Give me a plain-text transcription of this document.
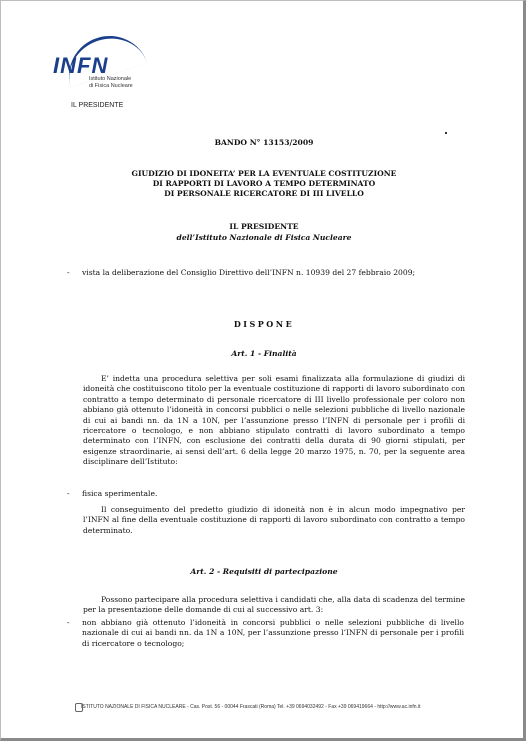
INFN
Istituto Nazionale
di Fisica Nucleare
IL PRESIDENTE
BANDO N° 13153/2009
GIUDIZIO DI IDONEITA’ PER LA EVENTUALE COSTITUZIONE
DI RAPPORTI DI LAVORO A TEMPO DETERMINATO
DI PERSONALE RICERCATORE DI III LIVELLO
IL PRESIDENTE
dell’Istituto Nazionale di Fisica Nucleare
- vista la deliberazione del Consiglio Direttivo dell’INFN n. 10939 del 27 febbraio 2009;
DISPONE
Art. 1 - Finalità
E’ indetta una procedura selettiva per soli esami finalizzata alla formulazione di giudizi di idoneità che costituiscono titolo per la eventuale costituzione di rapporti di lavoro subordinato con contratto a tempo determinato di personale ricercatore di III livello professionale per coloro non abbiano già ottenuto l’idoneità in concorsi pubblici o nelle selezioni pubbliche di livello nazionale di cui ai bandi nn. da 1N a 10N, per l’assunzione presso l’INFN di personale per i profili di ricercatore o tecnologo, e non abbiano stipulato contratti di lavoro subordinato a tempo determinato con l’INFN, con esclusione dei contratti della durata di 90 giorni stipulati, per esigenze straordinarie, ai sensi dell’art. 6 della legge 20 marzo 1975, n. 70, per la seguente area disciplinare dell’Istituto:
- fisica sperimentale.
Il conseguimento del predetto giudizio di idoneità non è in alcun modo impegnativo per l’INFN al fine della eventuale costituzione di rapporti di lavoro subordinato con contratto a tempo determinato.
Art. 2 - Requisiti di partecipazione
Possono partecipare alla procedura selettiva i candidati che, alla data di scadenza del termine per la presentazione delle domande di cui al successivo art. 3:
- non abbiano già ottenuto l’idoneità in concorsi pubblici o nelle selezioni pubbliche di livello nazionale di cui ai bandi nn. da 1N a 10N, per l’assunzione presso l’INFN di personale per i profili di ricercatore o tecnologo;
ISTITUTO NAZIONALE DI FISICA NUCLEARE - Cas. Post. 56 - 00044 Frascati (Roma) Tel. +39 0694032492 - Fax +39 069419664 - http://www.ac.infn.it
